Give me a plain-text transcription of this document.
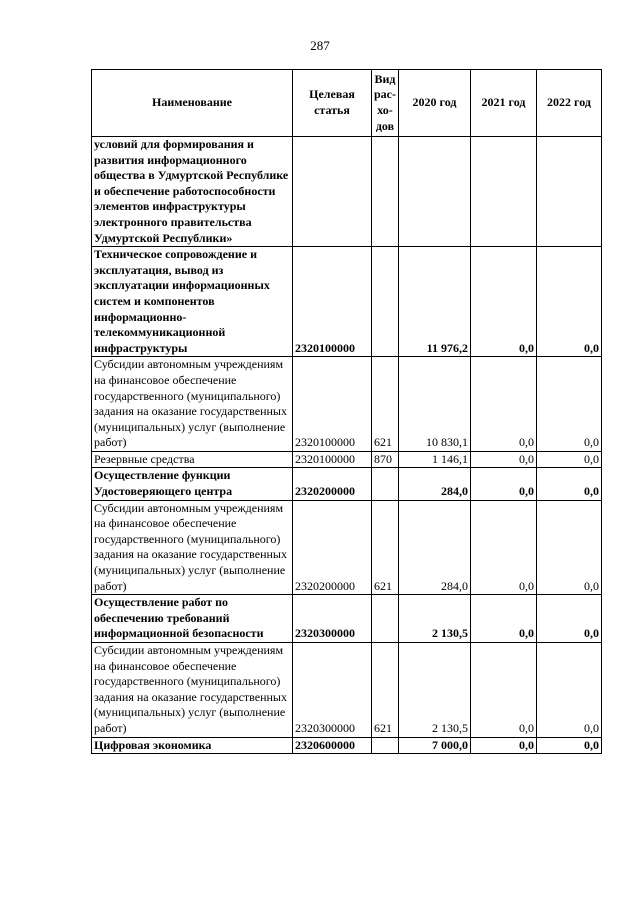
287
Наименование	Целевая статья	Вид рас-хо-дов	2020 год	2021 год	2022 год
условий для формирования и развития информационного общества в Удмуртской Республике и обеспечение работоспособности элементов инфраструктуры электронного правительства Удмуртской Республики»					
Техническое сопровождение и эксплуатация, вывод из эксплуатации информационных систем и компонентов информационно-телекоммуникационной инфраструктуры	2320100000		11 976,2	0,0	0,0
Субсидии автономным учреждениям на финансовое обеспечение государственного (муниципального) задания на оказание государственных (муниципальных) услуг (выполнение работ)	2320100000	621	10 830,1	0,0	0,0
Резервные средства	2320100000	870	1 146,1	0,0	0,0
Осуществление функции Удостоверяющего центра	2320200000		284,0	0,0	0,0
Субсидии автономным учреждениям на финансовое обеспечение государственного (муниципального) задания на оказание государственных (муниципальных) услуг (выполнение работ)	2320200000	621	284,0	0,0	0,0
Осуществление работ по обеспечению требований информационной безопасности	2320300000		2 130,5	0,0	0,0
Субсидии автономным учреждениям на финансовое обеспечение государственного (муниципального) задания на оказание государственных (муниципальных) услуг (выполнение работ)	2320300000	621	2 130,5	0,0	0,0
Цифровая экономика	2320600000		7 000,0	0,0	0,0
